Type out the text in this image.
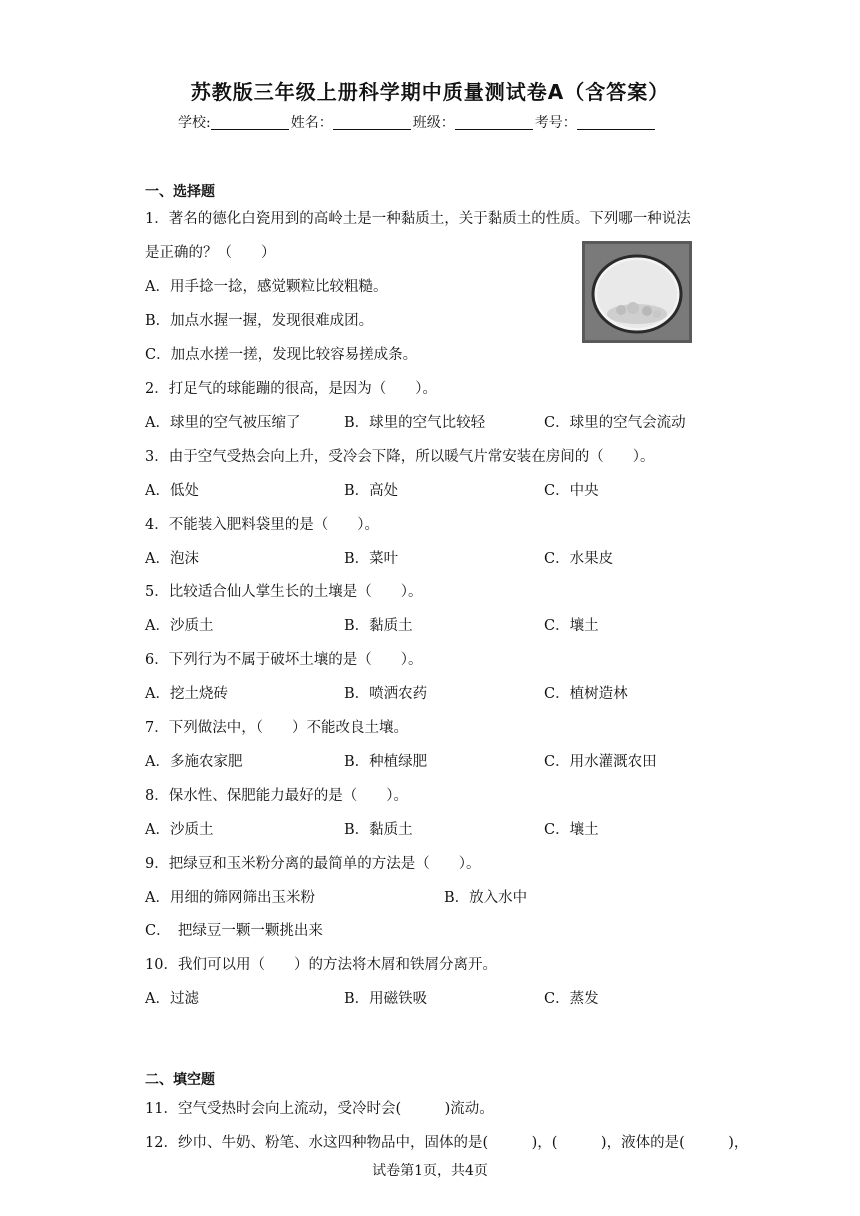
苏教版三年级上册科学期中质量测试卷A（含答案）
学校:	姓名：	班级：	考号：
一、选择题
1．著名的德化白瓷用到的高岭土是一种黏质土，关于黏质土的性质。下列哪一种说法
是正确的？（　　）
A．用手捻一捻，感觉颗粒比较粗糙。
B．加点水握一握，发现很难成团。
C．加点水搓一搓，发现比较容易搓成条。
2．打足气的球能蹦的很高，是因为（　　）。
A．球里的空气被压缩了	B．球里的空气比较轻	C．球里的空气会流动
3．由于空气受热会向上升，受冷会下降，所以暖气片常安装在房间的（　　）。
A．低处	B．高处	C．中央
4．不能装入肥料袋里的是（　　）。
A．泡沫	B．菜叶	C．水果皮
5．比较适合仙人掌生长的土壤是（　　）。
A．沙质土	B．黏质土	C．壤土
6．下列行为不属于破坏土壤的是（　　）。
A．挖土烧砖	B．喷洒农药	C．植树造林
7．下列做法中，（　　）不能改良土壤。
A．多施农家肥	B．种植绿肥	C．用水灌溉农田
8．保水性、保肥能力最好的是（　　）。
A．沙质土	B．黏质土	C．壤土
9．把绿豆和玉米粉分离的最简单的方法是（　　）。
A．用细的筛网筛出玉米粉	B．放入水中
C．　把绿豆一颗一颗挑出来
10．我们可以用（　　）的方法将木屑和铁屑分离开。
A．过滤	B．用磁铁吸	C．蒸发
二、填空题
11．空气受热时会向上流动，受冷时会(　　　)流动。
12．纱巾、牛奶、粉笔、水这四种物品中，固体的是(　　　)，(　　　)，液体的是(　　　)，
试卷第1页，共4页
